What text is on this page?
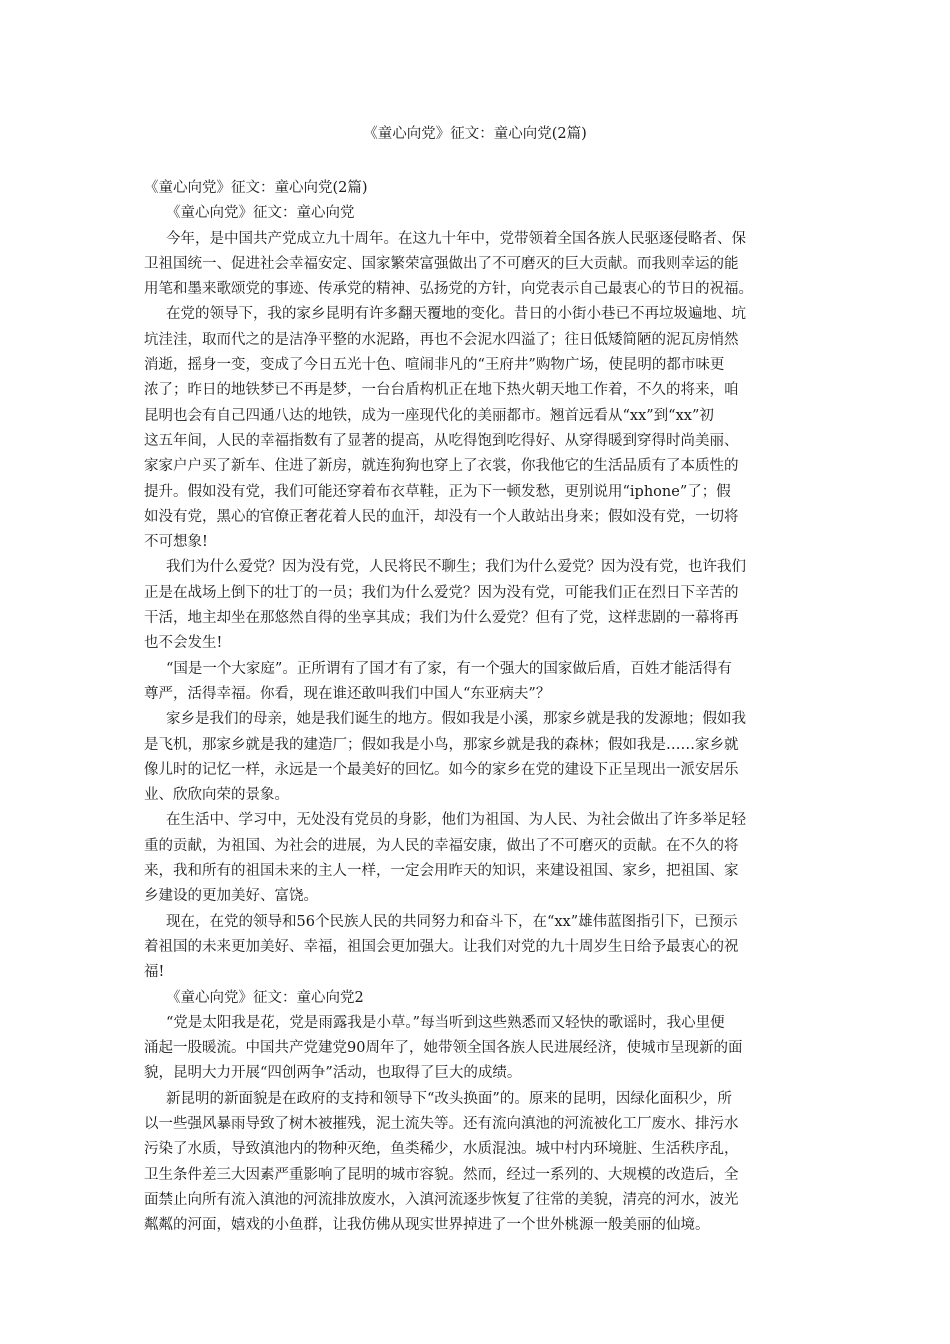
《童心向党》征文：童心向党(2篇)

《童心向党》征文：童心向党(2篇)

《童心向党》征文：童心向党

今年，是中国共产党成立九十周年。在这九十年中，党带领着全国各族人民驱逐侵略者、保

卫祖国统一、促进社会幸福安定、国家繁荣富强做出了不可磨灭的巨大贡献。而我则幸运的能
用笔和墨来歌颂党的事迹、传承党的精神、弘扬党的方针，向党表示自己最衷心的节日的祝福。

在党的领导下，我的家乡昆明有许多翻天覆地的变化。昔日的小街小巷已不再垃圾遍地、坑

坑洼洼，取而代之的是洁净平整的水泥路，再也不会泥水四溢了；往日低矮简陋的泥瓦房悄然
消逝，摇身一变，变成了今日五光十色、喧闹非凡的“王府井”购物广场，使昆明的都市味更
浓了；昨日的地铁梦已不再是梦，一台台盾构机正在地下热火朝天地工作着，不久的将来，咱
昆明也会有自己四通八达的地铁，成为一座现代化的美丽都市。翘首远看从“xx”到“xx”初
这五年间，人民的幸福指数有了显著的提高，从吃得饱到吃得好、从穿得暖到穿得时尚美丽、
家家户户买了新车、住进了新房，就连狗狗也穿上了衣裳，你我他它的生活品质有了本质性的
提升。假如没有党，我们可能还穿着布衣草鞋，正为下一顿发愁，更别说用“iphone”了；假
如没有党，黑心的官僚正奢花着人民的血汗，却没有一个人敢站出身来；假如没有党，一切将
不可想象!

我们为什么爱党？因为没有党，人民将民不聊生；我们为什么爱党？因为没有党，也许我们

正是在战场上倒下的壮丁的一员；我们为什么爱党？因为没有党，可能我们正在烈日下辛苦的
干活，地主却坐在那悠然自得的坐享其成；我们为什么爱党？但有了党，这样悲剧的一幕将再
也不会发生!

“国是一个大家庭”。正所谓有了国才有了家，有一个强大的国家做后盾，百姓才能活得有

尊严，活得幸福。你看，现在谁还敢叫我们中国人“东亚病夫”？

家乡是我们的母亲，她是我们诞生的地方。假如我是小溪，那家乡就是我的发源地；假如我

是飞机，那家乡就是我的建造厂；假如我是小鸟，那家乡就是我的森林；假如我是……家乡就
像儿时的记忆一样，永远是一个最美好的回忆。如今的家乡在党的建设下正呈现出一派安居乐
业、欣欣向荣的景象。

在生活中、学习中，无处没有党员的身影，他们为祖国、为人民、为社会做出了许多举足轻

重的贡献，为祖国、为社会的进展，为人民的幸福安康，做出了不可磨灭的贡献。在不久的将
来，我和所有的祖国未来的主人一样，一定会用昨天的知识，来建设祖国、家乡，把祖国、家
乡建设的更加美好、富饶。

现在，在党的领导和56个民族人民的共同努力和奋斗下，在“xx”雄伟蓝图指引下，已预示

着祖国的未来更加美好、幸福，祖国会更加强大。让我们对党的九十周岁生日给予最衷心的祝
福!

《童心向党》征文：童心向党2

“党是太阳我是花，党是雨露我是小草。”每当听到这些熟悉而又轻快的歌谣时，我心里便

涌起一股暖流。中国共产党建党90周年了，她带领全国各族人民进展经济，使城市呈现新的面
貌，昆明大力开展“四创两争”活动，也取得了巨大的成绩。

新昆明的新面貌是在政府的支持和领导下“改头换面”的。原来的昆明，因绿化面积少，所

以一些强风暴雨导致了树木被摧残，泥土流失等。还有流向滇池的河流被化工厂废水、排污水
污染了水质，导致滇池内的物种灭绝，鱼类稀少，水质混浊。城中村内环境脏、生活秩序乱，
卫生条件差三大因素严重影响了昆明的城市容貌。然而，经过一系列的、大规模的改造后，全
面禁止向所有流入滇池的河流排放废水，入滇河流逐步恢复了往常的美貌，清亮的河水，波光
粼粼的河面，嬉戏的小鱼群，让我仿佛从现实世界掉进了一个世外桃源一般美丽的仙境。
